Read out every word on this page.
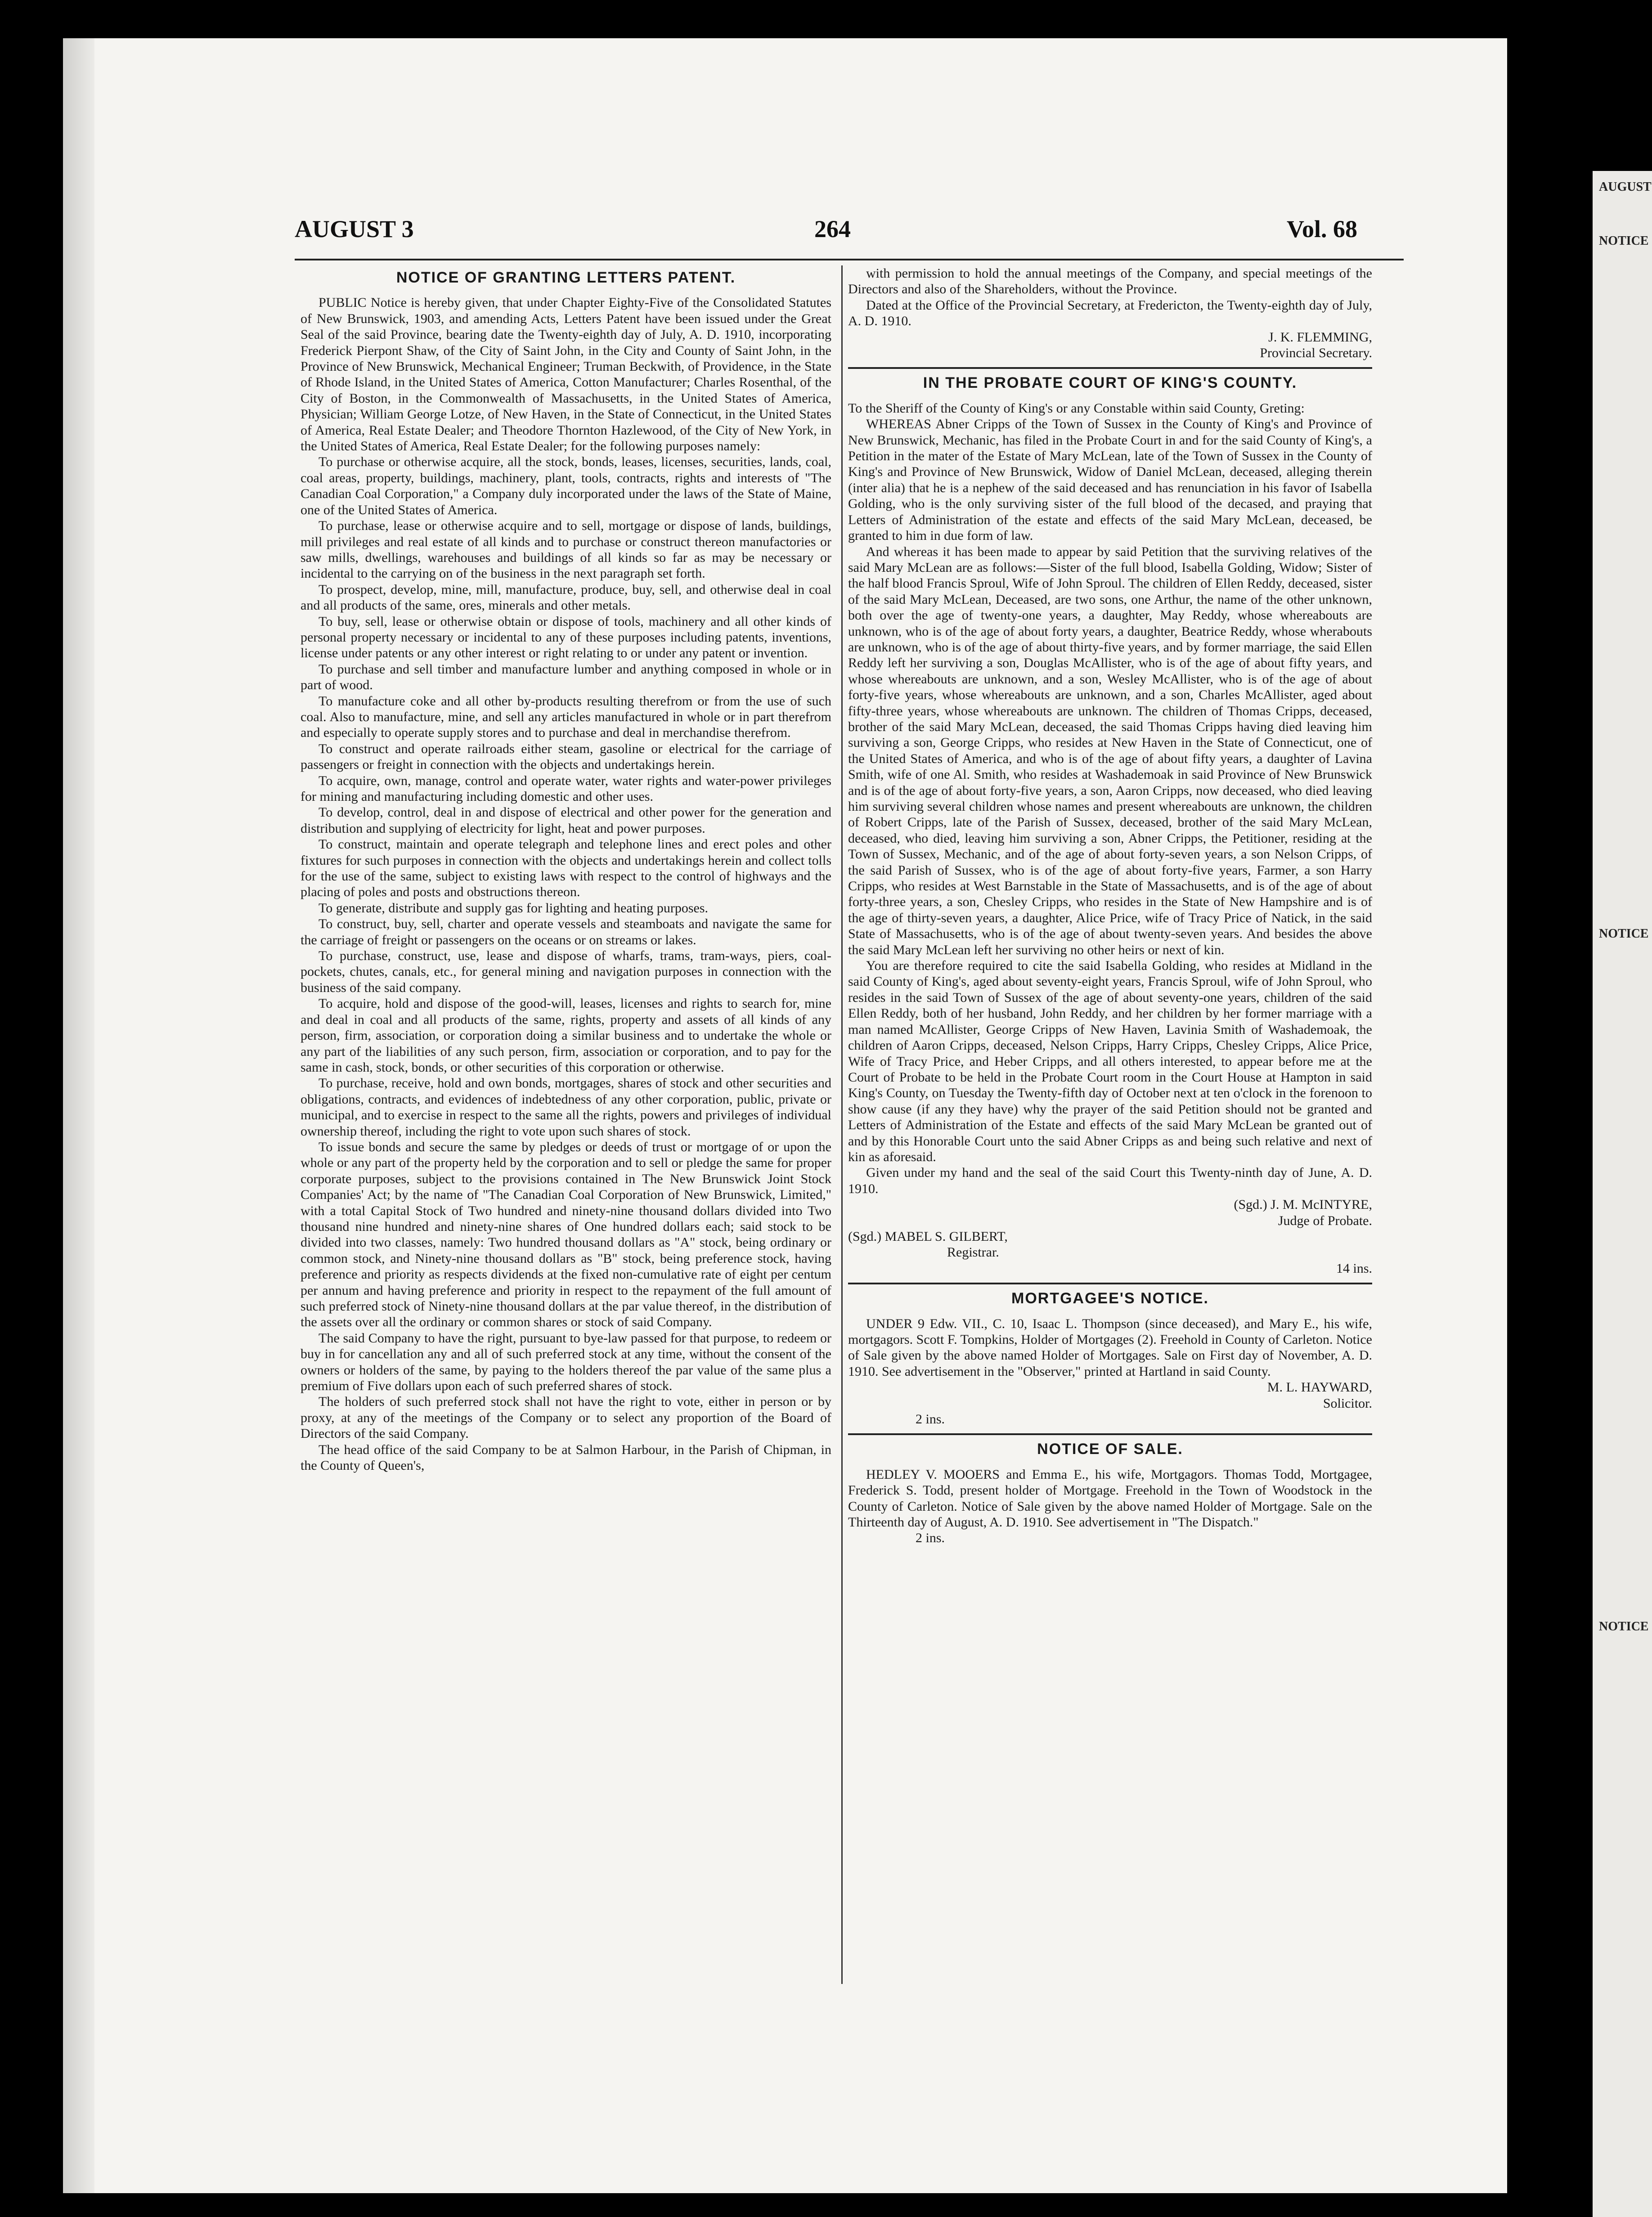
AUGUST
NOTICE
NOTICE
NOTICE
AUGUST 3	264	Vol. 68
NOTICE OF GRANTING LETTERS PATENT.

PUBLIC Notice is hereby given, that under Chapter Eighty-Five of the Consolidated Statutes of New Brunswick, 1903, and amending Acts, Letters Patent have been issued under the Great Seal of the said Province, bearing date the Twenty-eighth day of July, A. D. 1910, incorporating Frederick Pierpont Shaw, of the City of Saint John, in the City and County of Saint John, in the Province of New Brunswick, Mechanical Engineer; Truman Beckwith, of Providence, in the State of Rhode Island, in the United States of America, Cotton Manufacturer; Charles Rosenthal, of the City of Boston, in the Commonwealth of Massachusetts, in the United States of America, Physician; William George Lotze, of New Haven, in the State of Connecticut, in the United States of America, Real Estate Dealer; and Theodore Thornton Hazlewood, of the City of New York, in the United States of America, Real Estate Dealer; for the following purposes namely:

To purchase or otherwise acquire, all the stock, bonds, leases, licenses, securities, lands, coal, coal areas, property, buildings, machinery, plant, tools, contracts, rights and interests of "The Canadian Coal Corporation," a Company duly incorporated under the laws of the State of Maine, one of the United States of America.

To purchase, lease or otherwise acquire and to sell, mortgage or dispose of lands, buildings, mill privileges and real estate of all kinds and to purchase or construct thereon manufactories or saw mills, dwellings, warehouses and buildings of all kinds so far as may be necessary or incidental to the carrying on of the business in the next paragraph set forth.

To prospect, develop, mine, mill, manufacture, produce, buy, sell, and otherwise deal in coal and all products of the same, ores, minerals and other metals.

To buy, sell, lease or otherwise obtain or dispose of tools, machinery and all other kinds of personal property necessary or incidental to any of these purposes including patents, inventions, license under patents or any other interest or right relating to or under any patent or invention.

To purchase and sell timber and manufacture lumber and anything composed in whole or in part of wood.

To manufacture coke and all other by-products resulting therefrom or from the use of such coal. Also to manufacture, mine, and sell any articles manufactured in whole or in part therefrom and especially to operate supply stores and to purchase and deal in merchandise therefrom.

To construct and operate railroads either steam, gasoline or electrical for the carriage of passengers or freight in connection with the objects and undertakings herein.

To acquire, own, manage, control and operate water, water rights and water-power privileges for mining and manufacturing including domestic and other uses.

To develop, control, deal in and dispose of electrical and other power for the generation and distribution and supplying of electricity for light, heat and power purposes.

To construct, maintain and operate telegraph and telephone lines and erect poles and other fixtures for such purposes in connection with the objects and undertakings herein and collect tolls for the use of the same, subject to existing laws with respect to the control of highways and the placing of poles and posts and obstructions thereon.

To generate, distribute and supply gas for lighting and heating purposes.

To construct, buy, sell, charter and operate vessels and steamboats and navigate the same for the carriage of freight or passengers on the oceans or on streams or lakes.

To purchase, construct, use, lease and dispose of wharfs, trams, tram-ways, piers, coal-pockets, chutes, canals, etc., for general mining and navigation purposes in connection with the business of the said company.

To acquire, hold and dispose of the good-will, leases, licenses and rights to search for, mine and deal in coal and all products of the same, rights, property and assets of all kinds of any person, firm, association, or corporation doing a similar business and to undertake the whole or any part of the liabilities of any such person, firm, association or corporation, and to pay for the same in cash, stock, bonds, or other securities of this corporation or otherwise.

To purchase, receive, hold and own bonds, mortgages, shares of stock and other securities and obligations, contracts, and evidences of indebtedness of any other corporation, public, private or municipal, and to exercise in respect to the same all the rights, powers and privileges of individual ownership thereof, including the right to vote upon such shares of stock.

To issue bonds and secure the same by pledges or deeds of trust or mortgage of or upon the whole or any part of the property held by the corporation and to sell or pledge the same for proper corporate purposes, subject to the provisions contained in The New Brunswick Joint Stock Companies' Act; by the name of "The Canadian Coal Corporation of New Brunswick, Limited," with a total Capital Stock of Two hundred and ninety-nine thousand dollars divided into Two thousand nine hundred and ninety-nine shares of One hundred dollars each; said stock to be divided into two classes, namely: Two hundred thousand dollars as "A" stock, being ordinary or common stock, and Ninety-nine thousand dollars as "B" stock, being preference stock, having preference and priority as respects dividends at the fixed non-cumulative rate of eight per centum per annum and having preference and priority in respect to the repayment of the full amount of such preferred stock of Ninety-nine thousand dollars at the par value thereof, in the distribution of the assets over all the ordinary or common shares or stock of said Company.

The said Company to have the right, pursuant to bye-law passed for that purpose, to redeem or buy in for cancellation any and all of such preferred stock at any time, without the consent of the owners or holders of the same, by paying to the holders thereof the par value of the same plus a premium of Five dollars upon each of such preferred shares of stock.

The holders of such preferred stock shall not have the right to vote, either in person or by proxy, at any of the meetings of the Company or to select any proportion of the Board of Directors of the said Company.

The head office of the said Company to be at Salmon Harbour, in the Parish of Chipman, in the County of Queen's,

with permission to hold the annual meetings of the Company, and special meetings of the Directors and also of the Shareholders, without the Province.

Dated at the Office of the Provincial Secretary, at Fredericton, the Twenty-eighth day of July, A. D. 1910.

J. K. FLEMMING,

Provincial Secretary.

IN THE PROBATE COURT OF KING'S COUNTY.

To the Sheriff of the County of King's or any Constable within said County, Greting:

WHEREAS Abner Cripps of the Town of Sussex in the County of King's and Province of New Brunswick, Mechanic, has filed in the Probate Court in and for the said County of King's, a Petition in the mater of the Estate of Mary McLean, late of the Town of Sussex in the County of King's and Province of New Brunswick, Widow of Daniel McLean, deceased, alleging therein (inter alia) that he is a nephew of the said deceased and has renunciation in his favor of Isabella Golding, who is the only surviving sister of the full blood of the decased, and praying that Letters of Administration of the estate and effects of the said Mary McLean, deceased, be granted to him in due form of law.

And whereas it has been made to appear by said Petition that the surviving relatives of the said Mary McLean are as follows:—Sister of the full blood, Isabella Golding, Widow; Sister of the half blood Francis Sproul, Wife of John Sproul. The children of Ellen Reddy, deceased, sister of the said Mary McLean, Deceased, are two sons, one Arthur, the name of the other unknown, both over the age of twenty-one years, a daughter, May Reddy, whose whereabouts are unknown, who is of the age of about forty years, a daughter, Beatrice Reddy, whose wherabouts are unknown, who is of the age of about thirty-five years, and by former marriage, the said Ellen Reddy left her surviving a son, Douglas McAllister, who is of the age of about fifty years, and whose whereabouts are unknown, and a son, Wesley McAllister, who is of the age of about forty-five years, whose whereabouts are unknown, and a son, Charles McAllister, aged about fifty-three years, whose whereabouts are unknown. The children of Thomas Cripps, deceased, brother of the said Mary McLean, deceased, the said Thomas Cripps having died leaving him surviving a son, George Cripps, who resides at New Haven in the State of Connecticut, one of the United States of America, and who is of the age of about fifty years, a daughter of Lavina Smith, wife of one Al. Smith, who resides at Washademoak in said Province of New Brunswick and is of the age of about forty-five years, a son, Aaron Cripps, now deceased, who died leaving him surviving several children whose names and present whereabouts are unknown, the children of Robert Cripps, late of the Parish of Sussex, deceased, brother of the said Mary McLean, deceased, who died, leaving him surviving a son, Abner Cripps, the Petitioner, residing at the Town of Sussex, Mechanic, and of the age of about forty-seven years, a son Nelson Cripps, of the said Parish of Sussex, who is of the age of about forty-five years, Farmer, a son Harry Cripps, who resides at West Barnstable in the State of Massachusetts, and is of the age of about forty-three years, a son, Chesley Cripps, who resides in the State of New Hampshire and is of the age of thirty-seven years, a daughter, Alice Price, wife of Tracy Price of Natick, in the said State of Massachusetts, who is of the age of about twenty-seven years. And besides the above the said Mary McLean left her surviving no other heirs or next of kin.

You are therefore required to cite the said Isabella Golding, who resides at Midland in the said County of King's, aged about seventy-eight years, Francis Sproul, wife of John Sproul, who resides in the said Town of Sussex of the age of about seventy-one years, children of the said Ellen Reddy, both of her husband, John Reddy, and her children by her former marriage with a man named McAllister, George Cripps of New Haven, Lavinia Smith of Washademoak, the children of Aaron Cripps, deceased, Nelson Cripps, Harry Cripps, Chesley Cripps, Alice Price, Wife of Tracy Price, and Heber Cripps, and all others interested, to appear before me at the Court of Probate to be held in the Probate Court room in the Court House at Hampton in said King's County, on Tuesday the Twenty-fifth day of October next at ten o'clock in the forenoon to show cause (if any they have) why the prayer of the said Petition should not be granted and Letters of Administration of the Estate and effects of the said Mary McLean be granted out of and by this Honorable Court unto the said Abner Cripps as and being such relative and next of kin as aforesaid.

Given under my hand and the seal of the said Court this Twenty-ninth day of June, A. D. 1910.

(Sgd.) J. M. McINTYRE,

Judge of Probate.

(Sgd.) MABEL S. GILBERT,

Registrar.

14 ins.

MORTGAGEE'S NOTICE.

UNDER 9 Edw. VII., C. 10, Isaac L. Thompson (since deceased), and Mary E., his wife, mortgagors. Scott F. Tompkins, Holder of Mortgages (2). Freehold in County of Carleton. Notice of Sale given by the above named Holder of Mortgages. Sale on First day of November, A. D. 1910. See advertisement in the "Observer," printed at Hartland in said County.

M. L. HAYWARD,

Solicitor.

2 ins.

NOTICE OF SALE.

HEDLEY V. MOOERS and Emma E., his wife, Mortgagors. Thomas Todd, Mortgagee, Frederick S. Todd, present holder of Mortgage. Freehold in the Town of Woodstock in the County of Carleton. Notice of Sale given by the above named Holder of Mortgage. Sale on the Thirteenth day of August, A. D. 1910. See advertisement in "The Dispatch."

2 ins.
